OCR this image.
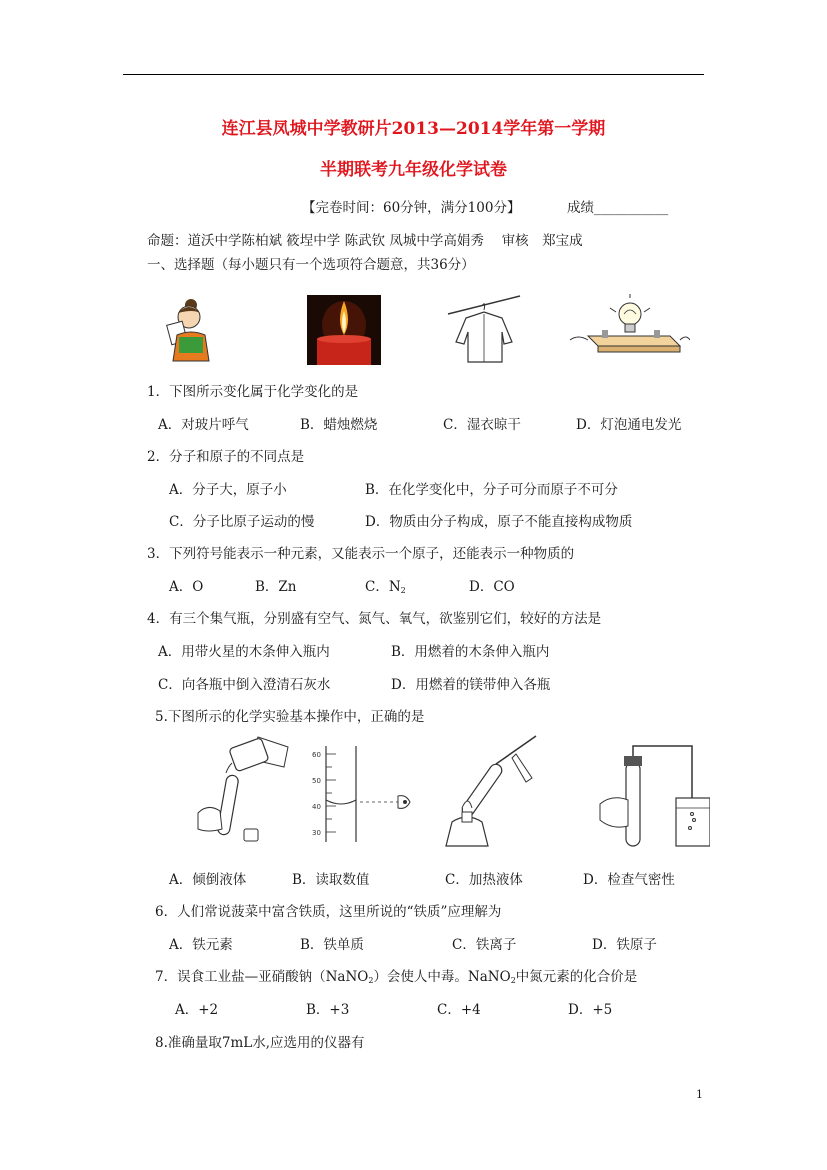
连江县凤城中学教研片2013—2014学年第一学期
半期联考九年级化学试卷
【完卷时间：60分钟，满分100分】	成绩___________
命题：道沃中学陈柏斌 筱埕中学 陈武钦 凤城中学高娟秀　 审核　郑宝成
一、选择题（每小题只有一个选项符合题意，共36分）
1．下图所示变化属于化学变化的是
A．对玻片呼气	B．蜡烛燃烧	C．湿衣晾干	D．灯泡通电发光
2．分子和原子的不同点是
A．分子大，原子小	B．在化学变化中，分子可分而原子不可分
C．分子比原子运动的慢	D．物质由分子构成，原子不能直接构成物质
3．下列符号能表示一种元素，又能表示一个原子，还能表示一种物质的
A．O	B．Zn	C．$N_2$	D．CO
4．有三个集气瓶，分别盛有空气、氮气、氧气，欲鉴别它们，较好的方法是
A．用带火星的木条伸入瓶内	B．用燃着的木条伸入瓶内
C．向各瓶中倒入澄清石灰水	D．用燃着的镁带伸入各瓶
5.下图所示的化学实验基本操作中，正确的是
60
50
40
30
A．倾倒液体	B．读取数值	C．加热液体	D．检查气密性
6．人们常说菠菜中富含铁质，这里所说的“铁质”应理解为
A．铁元素	B．铁单质	C．铁离子	D．铁原子
7．误食工业盐—亚硝酸钠（NaNO$_2$）会使人中毒。NaNO$_2$中氮元素的化合价是
A．+2	B．+3	C．+4	D．+5
8.准确量取7mL水,应选用的仪器有
1
